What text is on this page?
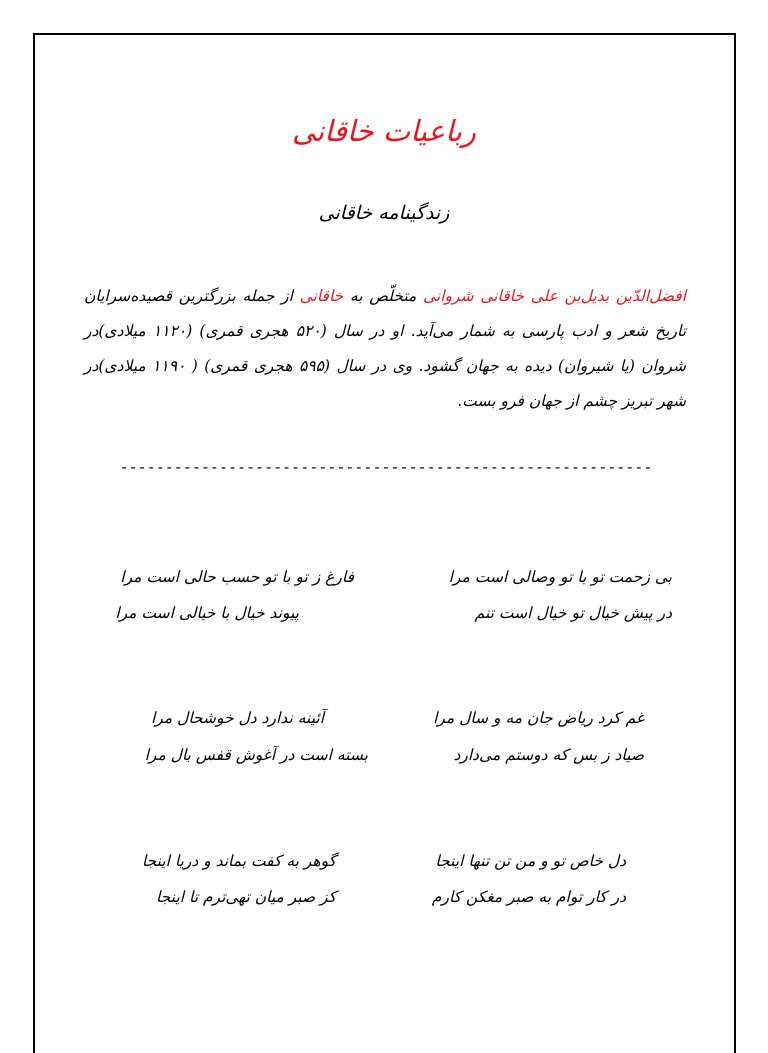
رباعیات خاقانی
زندگینامه خاقانی
افضل‌الدّین بدیل‌بن علی خاقانی شروانی متخلّص به خاقانی از جمله بزرگترین قصیده‌سرایان تاریخ شعر و ادب پارسی به شمار می‌آید. او در سال (۵۲۰ هجری قمری) (۱۱۲۰ میلادی)در شروان (یا شیروان) دیده به جهان گشود. وی در سال (۵۹۵ هجری قمری) ( ۱۱۹۰ میلادی)در شهر تبریز چشم از جهان فرو بست.
-----------------------------------------------------------
بی زحمت تو با تو وصالی است مرا
فارغ ز تو با تو حسب حالی است مرا
در پیش خیال تو خیال است تنم
پیوند خیال با خیالی است مرا
غم کرد ریاض جان مه و سال مرا
آئینه ندارد دل خوشحال مرا
صیاد ز بس که دوستم می‌دارد
بسته است در آغوش قفس بال مرا
دل خاص تو و من تن تنها اینجا
گوهر به کفت بماند و دریا اینجا
در کار توام به صبر مغکن کارم
کز صبر میان تهی‌ترم تا اینجا
